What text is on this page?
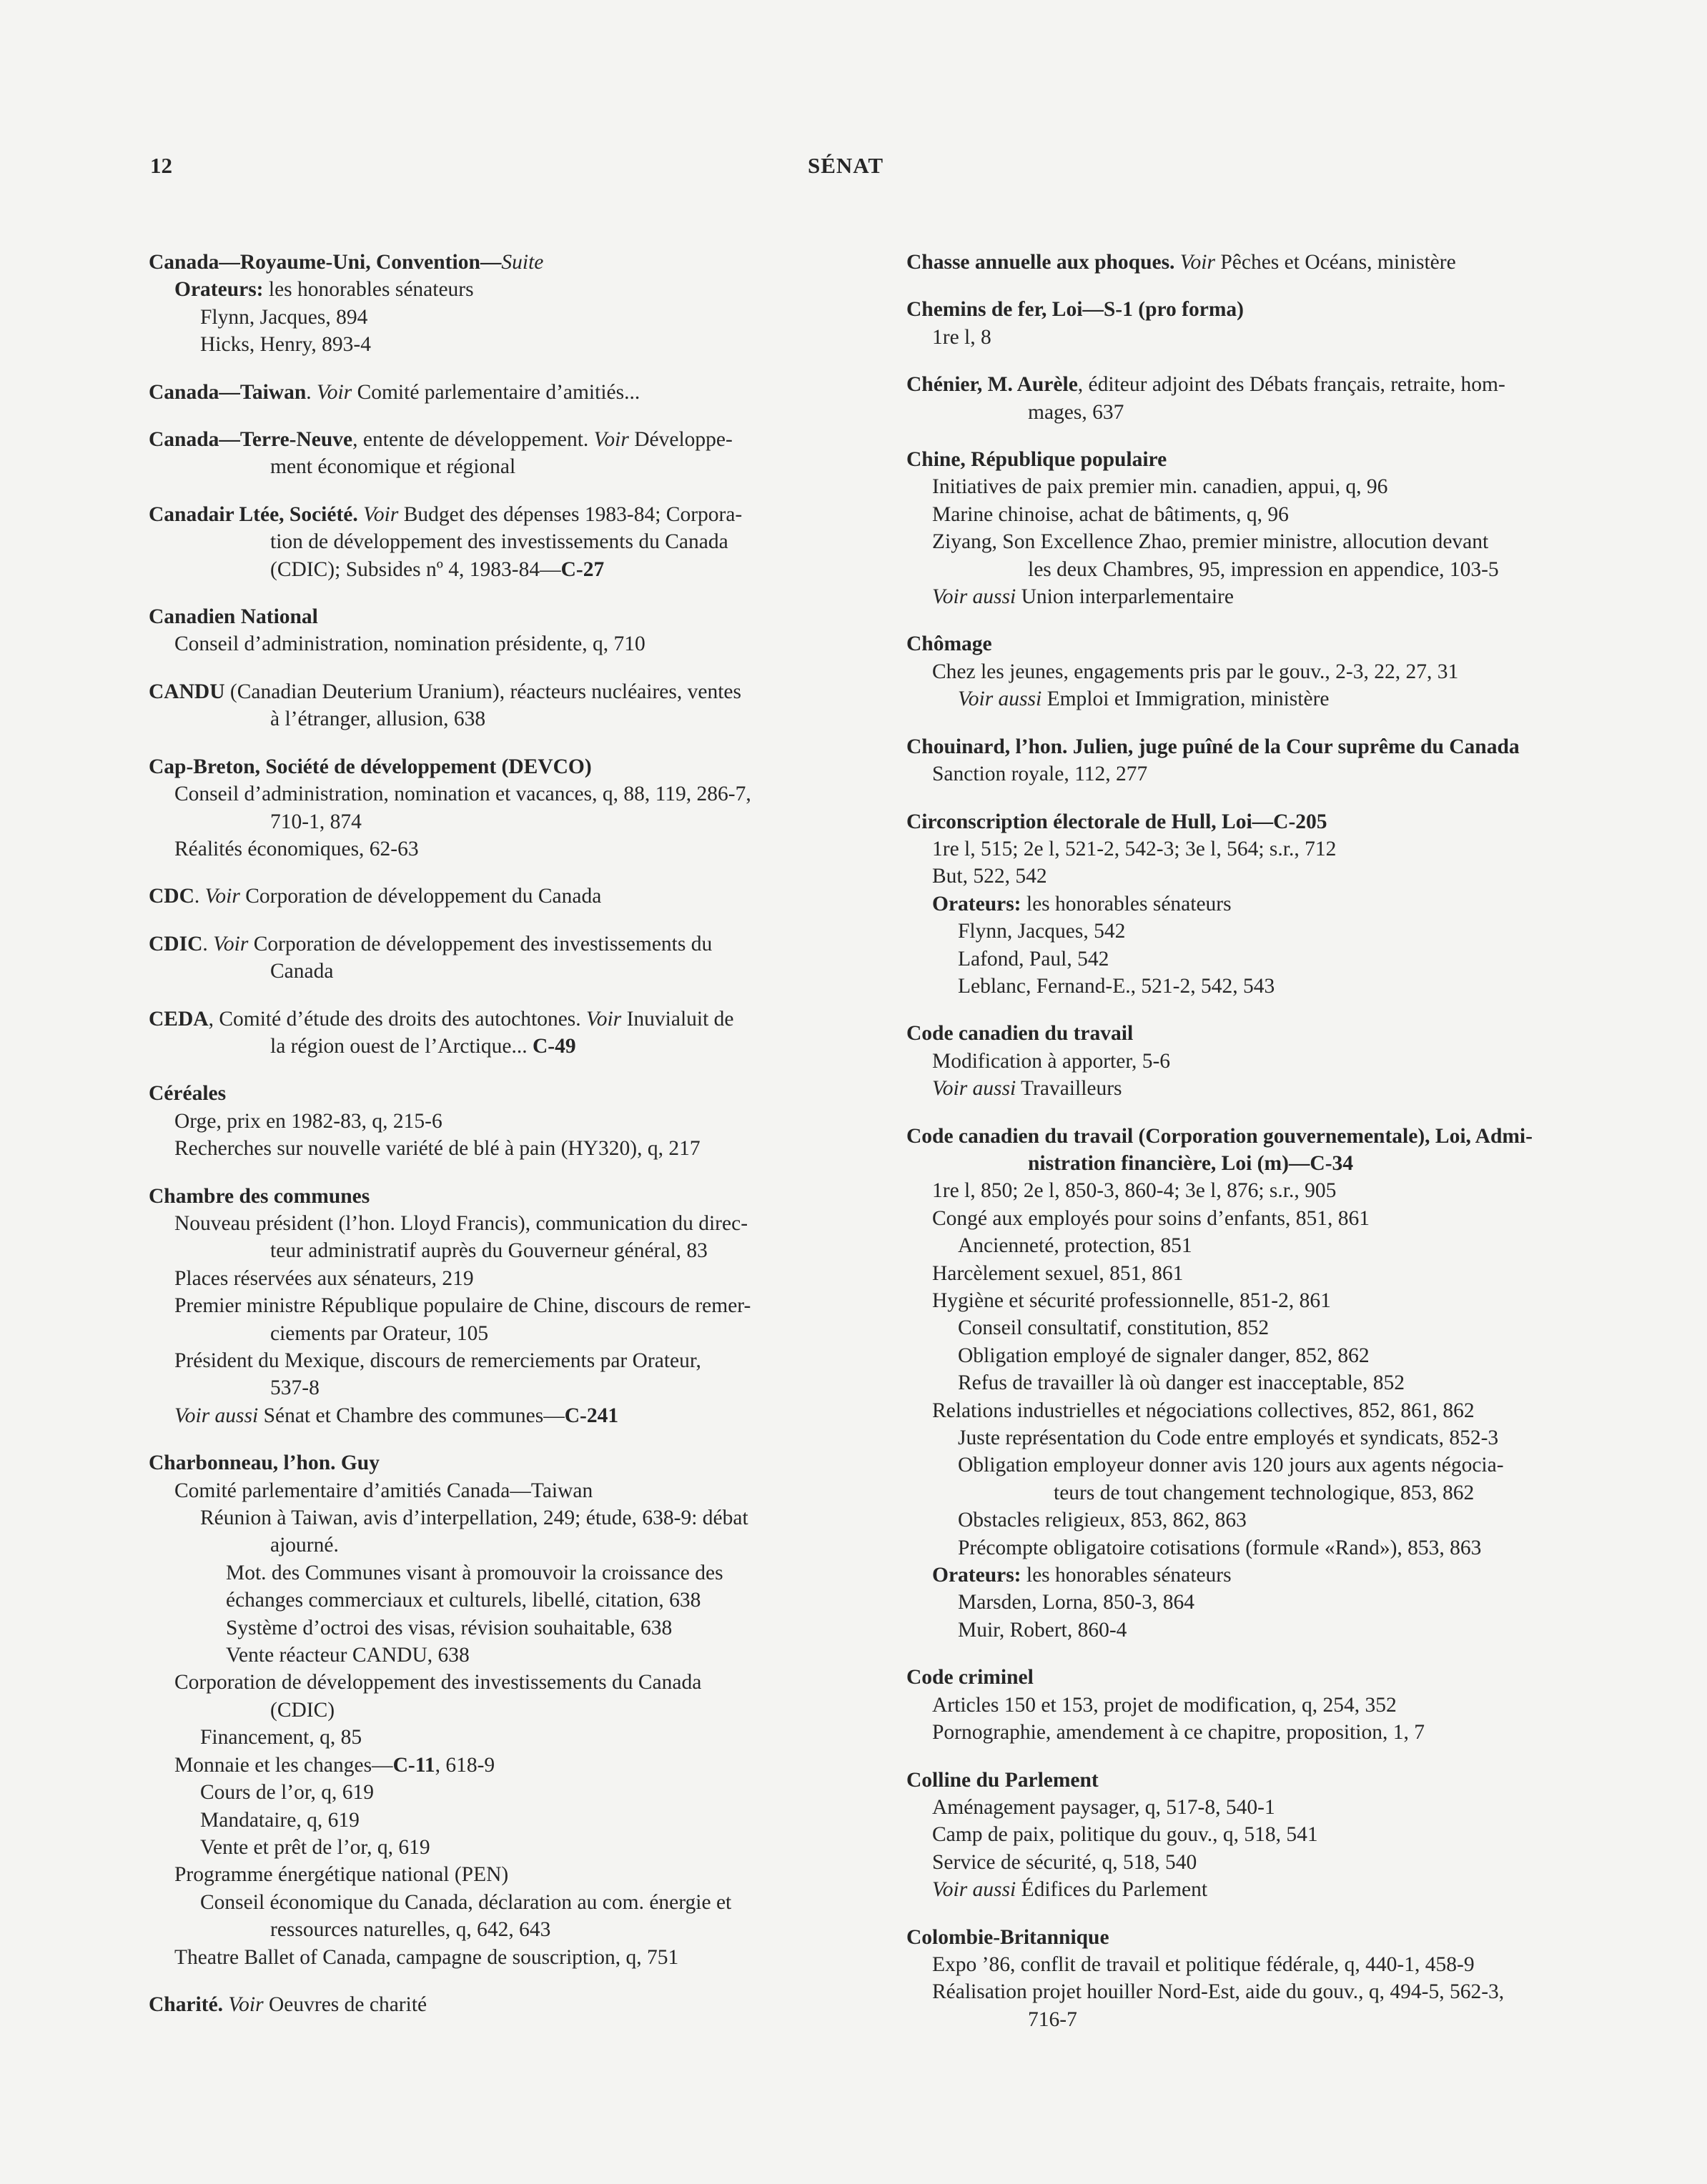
12	SÉNAT
Canada—Royaume-Uni, Convention—Suite
Orateurs: les honorables sénateurs
Flynn, Jacques, 894
Hicks, Henry, 893-4
Canada—Taiwan. Voir Comité parlementaire d’amitiés...
Canada—Terre-Neuve, entente de développement. Voir Développe-
ment économique et régional
Canadair Ltée, Société. Voir Budget des dépenses 1983-84; Corpora-
tion de développement des investissements du Canada
(CDIC); Subsides nº 4, 1983-84—C-27
Canadien National
Conseil d’administration, nomination présidente, q, 710
CANDU (Canadian Deuterium Uranium), réacteurs nucléaires, ventes
à l’étranger, allusion, 638
Cap-Breton, Société de développement (DEVCO)
Conseil d’administration, nomination et vacances, q, 88, 119, 286-7,
710-1, 874
Réalités économiques, 62-63
CDC. Voir Corporation de développement du Canada
CDIC. Voir Corporation de développement des investissements du
Canada
CEDA, Comité d’étude des droits des autochtones. Voir Inuvialuit de
la région ouest de l’Arctique... C-49
Céréales
Orge, prix en 1982-83, q, 215-6
Recherches sur nouvelle variété de blé à pain (HY320), q, 217
Chambre des communes
Nouveau président (l’hon. Lloyd Francis), communication du direc-
teur administratif auprès du Gouverneur général, 83
Places réservées aux sénateurs, 219
Premier ministre République populaire de Chine, discours de remer-
ciements par Orateur, 105
Président du Mexique, discours de remerciements par Orateur,
537-8
Voir aussi Sénat et Chambre des communes—C-241
Charbonneau, l’hon. Guy
Comité parlementaire d’amitiés Canada—Taiwan
Réunion à Taiwan, avis d’interpellation, 249; étude, 638-9: débat
ajourné.
Mot. des Communes visant à promouvoir la croissance des
échanges commerciaux et culturels, libellé, citation, 638
Système d’octroi des visas, révision souhaitable, 638
Vente réacteur CANDU, 638
Corporation de développement des investissements du Canada
(CDIC)
Financement, q, 85
Monnaie et les changes—C-11, 618-9
Cours de l’or, q, 619
Mandataire, q, 619
Vente et prêt de l’or, q, 619
Programme énergétique national (PEN)
Conseil économique du Canada, déclaration au com. énergie et
ressources naturelles, q, 642, 643
Theatre Ballet of Canada, campagne de souscription, q, 751
Charité. Voir Oeuvres de charité
Chasse annuelle aux phoques. Voir Pêches et Océans, ministère
Chemins de fer, Loi—S-1 (pro forma)
1re l, 8
Chénier, M. Aurèle, éditeur adjoint des Débats français, retraite, hom-
mages, 637
Chine, République populaire
Initiatives de paix premier min. canadien, appui, q, 96
Marine chinoise, achat de bâtiments, q, 96
Ziyang, Son Excellence Zhao, premier ministre, allocution devant
les deux Chambres, 95, impression en appendice, 103-5
Voir aussi Union interparlementaire
Chômage
Chez les jeunes, engagements pris par le gouv., 2-3, 22, 27, 31
Voir aussi Emploi et Immigration, ministère
Chouinard, l’hon. Julien, juge puîné de la Cour suprême du Canada
Sanction royale, 112, 277
Circonscription électorale de Hull, Loi—C-205
1re l, 515; 2e l, 521-2, 542-3; 3e l, 564; s.r., 712
But, 522, 542
Orateurs: les honorables sénateurs
Flynn, Jacques, 542
Lafond, Paul, 542
Leblanc, Fernand-E., 521-2, 542, 543
Code canadien du travail
Modification à apporter, 5-6
Voir aussi Travailleurs
Code canadien du travail (Corporation gouvernementale), Loi, Admi-
nistration financière, Loi (m)—C-34
1re l, 850; 2e l, 850-3, 860-4; 3e l, 876; s.r., 905
Congé aux employés pour soins d’enfants, 851, 861
Ancienneté, protection, 851
Harcèlement sexuel, 851, 861
Hygiène et sécurité professionnelle, 851-2, 861
Conseil consultatif, constitution, 852
Obligation employé de signaler danger, 852, 862
Refus de travailler là où danger est inacceptable, 852
Relations industrielles et négociations collectives, 852, 861, 862
Juste représentation du Code entre employés et syndicats, 852-3
Obligation employeur donner avis 120 jours aux agents négocia-
teurs de tout changement technologique, 853, 862
Obstacles religieux, 853, 862, 863
Précompte obligatoire cotisations (formule «Rand»), 853, 863
Orateurs: les honorables sénateurs
Marsden, Lorna, 850-3, 864
Muir, Robert, 860-4
Code criminel
Articles 150 et 153, projet de modification, q, 254, 352
Pornographie, amendement à ce chapitre, proposition, 1, 7
Colline du Parlement
Aménagement paysager, q, 517-8, 540-1
Camp de paix, politique du gouv., q, 518, 541
Service de sécurité, q, 518, 540
Voir aussi Édifices du Parlement
Colombie-Britannique
Expo ’86, conflit de travail et politique fédérale, q, 440-1, 458-9
Réalisation projet houiller Nord-Est, aide du gouv., q, 494-5, 562-3,
716-7
